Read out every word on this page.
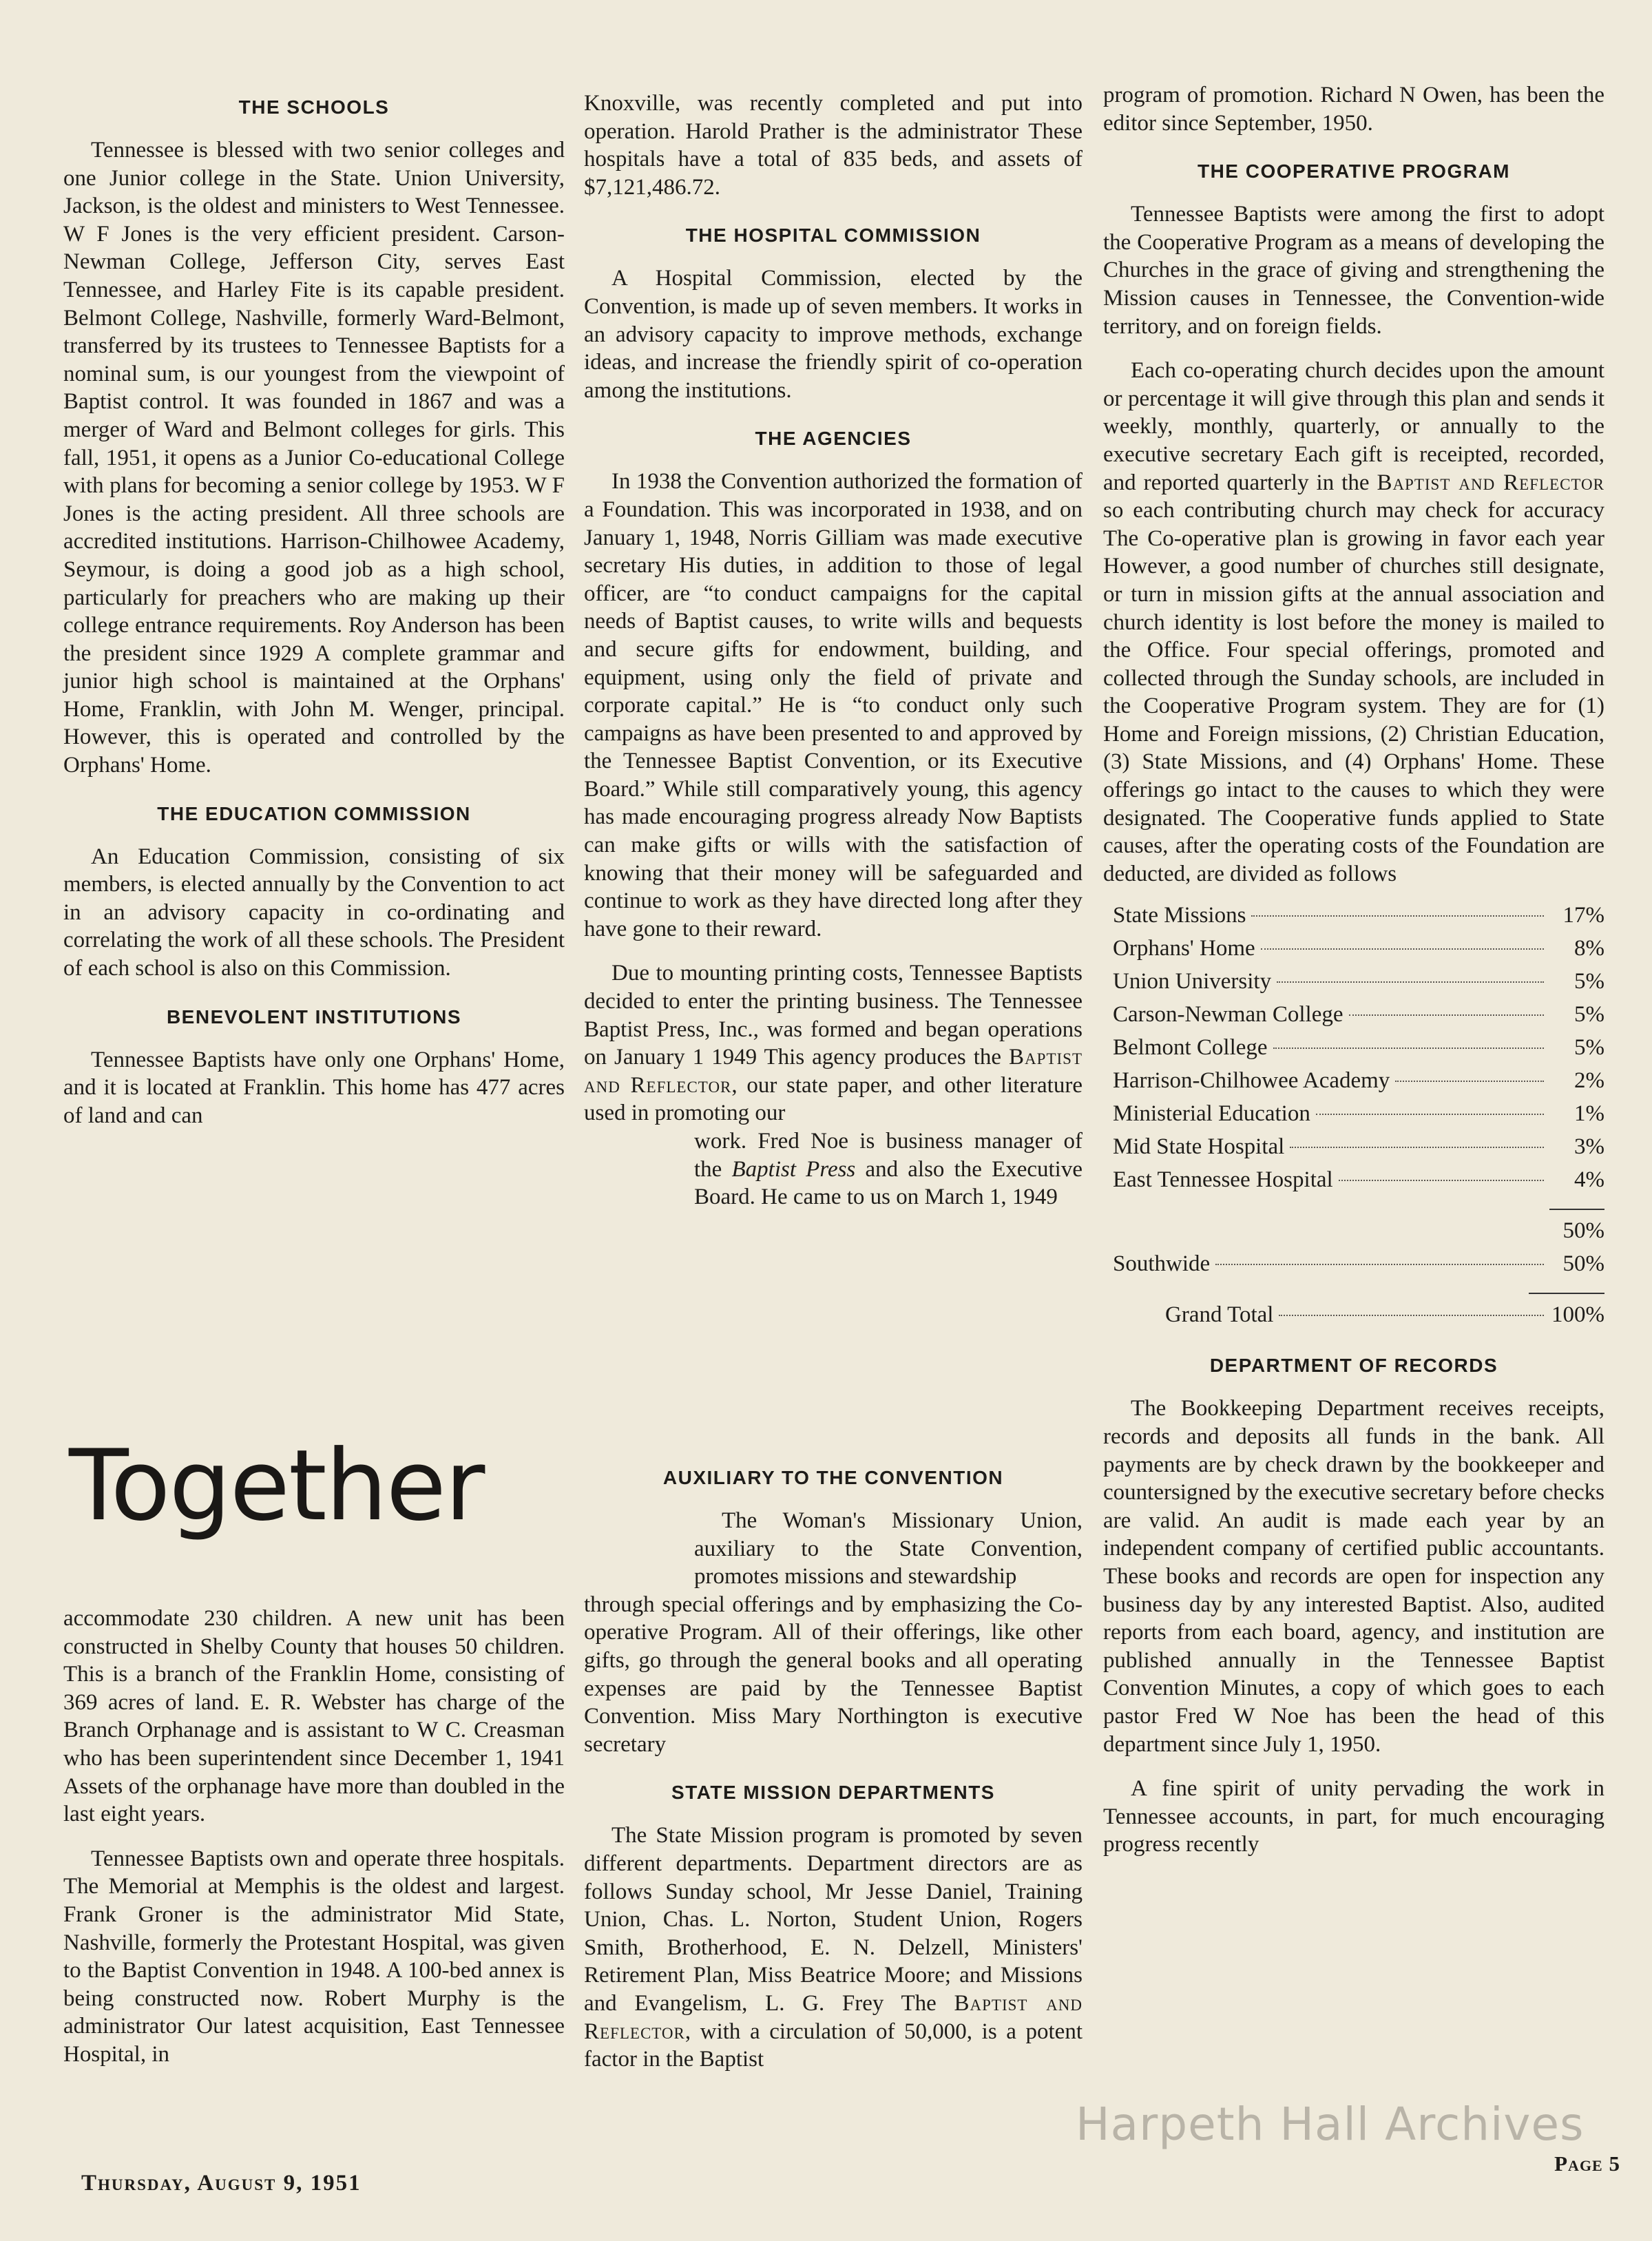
THE SCHOOLS

Tennessee is blessed with two senior colleges and one Junior college in the State. Union University, Jackson, is the oldest and ministers to West Tennessee. W F Jones is the very efficient president. Carson-Newman College, Jefferson City, serves East Tennessee, and Harley Fite is its capable president. Belmont College, Nashville, formerly Ward-Belmont, transferred by its trustees to Tennessee Baptists for a nominal sum, is our youngest from the viewpoint of Baptist control. It was founded in 1867 and was a merger of Ward and Belmont colleges for girls. This fall, 1951, it opens as a Junior Co-educational College with plans for becoming a senior college by 1953. W F Jones is the acting president. All three schools are accredited institutions. Harrison-Chilhowee Academy, Seymour, is doing a good job as a high school, particularly for preachers who are making up their college entrance requirements. Roy Anderson has been the president since 1929 A complete grammar and junior high school is maintained at the Orphans' Home, Franklin, with John M. Wenger, principal. However, this is operated and controlled by the Orphans' Home.

THE EDUCATION COMMISSION

An Education Commission, consisting of six members, is elected annually by the Convention to act in an advisory capacity in co-ordinating and correlating the work of all these schools. The President of each school is also on this Commission.

BENEVOLENT INSTITUTIONS

Tennessee Baptists have only one Orphans' Home, and it is located at Franklin. This home has 477 acres of land and can

Together

accommodate 230 children. A new unit has been constructed in Shelby County that houses 50 children. This is a branch of the Franklin Home, consisting of 369 acres of land. E. R. Webster has charge of the Branch Orphanage and is assistant to W C. Creasman who has been superintendent since December 1, 1941 Assets of the orphanage have more than doubled in the last eight years.

Tennessee Baptists own and operate three hospitals. The Memorial at Memphis is the oldest and largest. Frank Groner is the administrator Mid State, Nashville, formerly the Protestant Hospital, was given to the Baptist Convention in 1948. A 100-bed annex is being constructed now. Robert Murphy is the administrator Our latest acquisition, East Tennessee Hospital, in

Knoxville, was recently completed and put into operation. Harold Prather is the administrator These hospitals have a total of 835 beds, and assets of $7,121,486.72.

THE HOSPITAL COMMISSION

A Hospital Commission, elected by the Convention, is made up of seven members. It works in an advisory capacity to improve methods, exchange ideas, and increase the friendly spirit of co-operation among the institutions.

THE AGENCIES

In 1938 the Convention authorized the formation of a Foundation. This was incorporated in 1938, and on January 1, 1948, Norris Gilliam was made executive secretary His duties, in addition to those of legal officer, are “to conduct campaigns for the capital needs of Baptist causes, to write wills and bequests and secure gifts for endowment, building, and equipment, using only the field of private and corporate capital.” He is “to conduct only such campaigns as have been presented to and approved by the Tennessee Baptist Convention, or its Executive Board.” While still comparatively young, this agency has made encouraging progress already Now Baptists can make gifts or wills with the satisfaction of knowing that their money will be safeguarded and continue to work as they have directed long after they have gone to their reward.

Due to mounting printing costs, Tennessee Baptists decided to enter the printing business. The Tennessee Baptist Press, Inc., was formed and began operations on January 1 1949 This agency produces the Baptist and Reflector, our state paper, and other literature used in promoting our

work. Fred Noe is business manager of the Baptist Press and also the Executive Board. He came to us on March 1, 1949

AUXILIARY TO THE CONVENTION

The Woman's Missionary Union, auxiliary to the State Convention, promotes missions and stewardship

through special offerings and by emphasizing the Co-operative Program. All of their offerings, like other gifts, go through the general books and all operating expenses are paid by the Tennessee Baptist Convention. Miss Mary Northington is executive secretary

STATE MISSION DEPARTMENTS

The State Mission program is promoted by seven different departments. Department directors are as follows Sunday school, Mr Jesse Daniel, Training Union, Chas. L. Norton, Student Union, Rogers Smith, Brotherhood, E. N. Delzell, Ministers' Retirement Plan, Miss Beatrice Moore; and Missions and Evangelism, L. G. Frey The Baptist and Reflector, with a circulation of 50,000, is a potent factor in the Baptist

program of promotion. Richard N Owen, has been the editor since September, 1950.

THE COOPERATIVE PROGRAM

Tennessee Baptists were among the first to adopt the Cooperative Program as a means of developing the Churches in the grace of giving and strengthening the Mission causes in Tennessee, the Convention-wide territory, and on foreign fields.

Each co-operating church decides upon the amount or percentage it will give through this plan and sends it weekly, monthly, quarterly, or annually to the executive secretary Each gift is receipted, recorded, and reported quarterly in the Baptist and Reflector so each contributing church may check for accuracy The Co-operative plan is growing in favor each year However, a good number of churches still designate, or turn in mission gifts at the annual association and church identity is lost before the money is mailed to the Office. Four special offerings, promoted and collected through the Sunday schools, are included in the Cooperative Program system. They are for (1) Home and Foreign missions, (2) Christian Education, (3) State Missions, and (4) Orphans' Home. These offerings go intact to the causes to which they were designated. The Cooperative funds applied to State causes, after the operating costs of the Foundation are deducted, are divided as follows

State Missions	17%
Orphans' Home	8%
Union University	5%
Carson-Newman College	5%
Belmont College	5%
Harrison-Chilhowee Academy	2%
Ministerial Education	1%
Mid State Hospital	3%
East Tennessee Hospital	4%
50%
Southwide	50%
Grand Total	100%
DEPARTMENT OF RECORDS

The Bookkeeping Department receives receipts, records and deposits all funds in the bank. All payments are by check drawn by the bookkeeper and countersigned by the executive secretary before checks are valid. An audit is made each year by an independent company of certified public accountants. These books and records are open for inspection any business day by any interested Baptist. Also, audited reports from each board, agency, and institution are published annually in the Tennessee Baptist Convention Minutes, a copy of which goes to each pastor Fred W Noe has been the head of this department since July 1, 1950.

A fine spirit of unity pervading the work in Tennessee accounts, in part, for much encouraging progress recently

Harpeth Hall Archives
Thursday, August 9, 1951
Page 5
